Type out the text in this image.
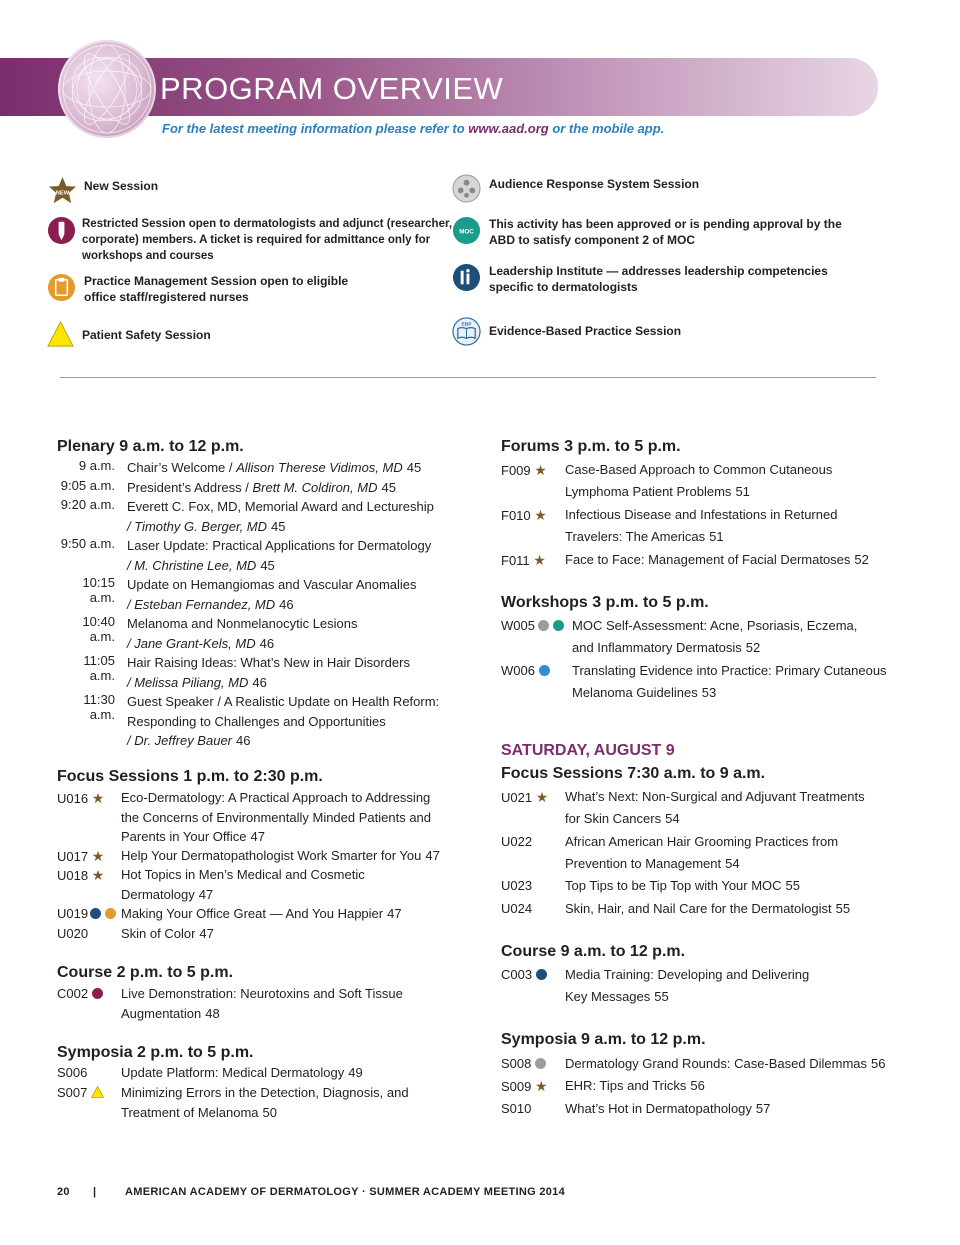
PROGRAM OVERVIEW
For the latest meeting information please refer to www.aad.org or the mobile app.
NEW
New Session
Restricted Session open to dermatologists and adjunct (researcher,
corporate) members. A ticket is required for admittance only for
workshops and courses
Practice Management Session open to eligible
office staff/registered nurses
Patient Safety Session
Audience Response System Session
MOC
This activity has been approved or is pending approval by the
ABD to satisfy component 2 of MOC
Leadership Institute — addresses leadership competencies
specific to dermatologists
EBP Evidence-Based Practice Session
Plenary 9 a.m. to 12 p.m.
9 a.m. Chair’s Welcome / Allison Therese Vidimos, MD 45
9:05 a.m. President’s Address / Brett M. Coldiron, MD 45
9:20 a.m. Everett C. Fox, MD, Memorial Award and Lectureship
/ Timothy G. Berger, MD 45
9:50 a.m. Laser Update: Practical Applications for Dermatology
/ M. Christine Lee, MD 45
10:15 a.m.
Update on Hemangiomas and Vascular Anomalies
/ Esteban Fernandez, MD 46
10:40 a.m.
Melanoma and Nonmelanocytic Lesions
/ Jane Grant-Kels, MD 46
11:05 a.m.
Hair Raising Ideas: What’s New in Hair Disorders
/ Melissa Piliang, MD 46
11:30 a.m.
Guest Speaker / A Realistic Update on Health Reform:
Responding to Challenges and Opportunities
/ Dr. Jeffrey Bauer 46
Focus Sessions 1 p.m. to 2:30 p.m.
U016 ★ Eco-Dermatology: A Practical Approach to Addressing
the Concerns of Environmentally Minded Patients and
Parents in Your Office 47
U017 ★ Help Your Dermatopathologist Work Smarter for You 47
U018 ★ Hot Topics in Men’s Medical and Cosmetic
Dermatology 47
U019	Making Your Office Great — And You Happier 47
U020	Skin of Color 47
Course 2 p.m. to 5 p.m.
C002	Live Demonstration: Neurotoxins and Soft Tissue
Augmentation 48
Symposia 2 p.m. to 5 p.m.
S006	Update Platform: Medical Dermatology 49
S007	Minimizing Errors in the Detection, Diagnosis, and
Treatment of Melanoma 50
Forums 3 p.m. to 5 p.m.
F009 ★ Case-Based Approach to Common Cutaneous
Lymphoma Patient Problems 51
F010 ★ Infectious Disease and Infestations in Returned
Travelers: The Americas 51
F011 ★ Face to Face: Management of Facial Dermatoses 52
Workshops 3 p.m. to 5 p.m.
W005	MOC Self-Assessment: Acne, Psoriasis, Eczema,
and Inflammatory Dermatosis 52
W006	Translating Evidence into Practice: Primary Cutaneous
Melanoma Guidelines 53
SATURDAY, AUGUST 9
Focus Sessions 7:30 a.m. to 9 a.m.
U021 ★ What’s Next: Non-Surgical and Adjuvant Treatments
for Skin Cancers 54
U022	African American Hair Grooming Practices from
Prevention to Management 54
U023	Top Tips to be Tip Top with Your MOC 55
U024	Skin, Hair, and Nail Care for the Dermatologist 55
Course 9 a.m. to 12 p.m.
C003	Media Training: Developing and Delivering
Key Messages 55
Symposia 9 a.m. to 12 p.m.
S008	Dermatology Grand Rounds: Case-Based Dilemmas 56
S009 ★ EHR: Tips and Tricks 56
S010	What’s Hot in Dermatopathology 57
20 |	AMERICAN ACADEMY OF DERMATOLOGY · SUMMER ACADEMY MEETING 2014
